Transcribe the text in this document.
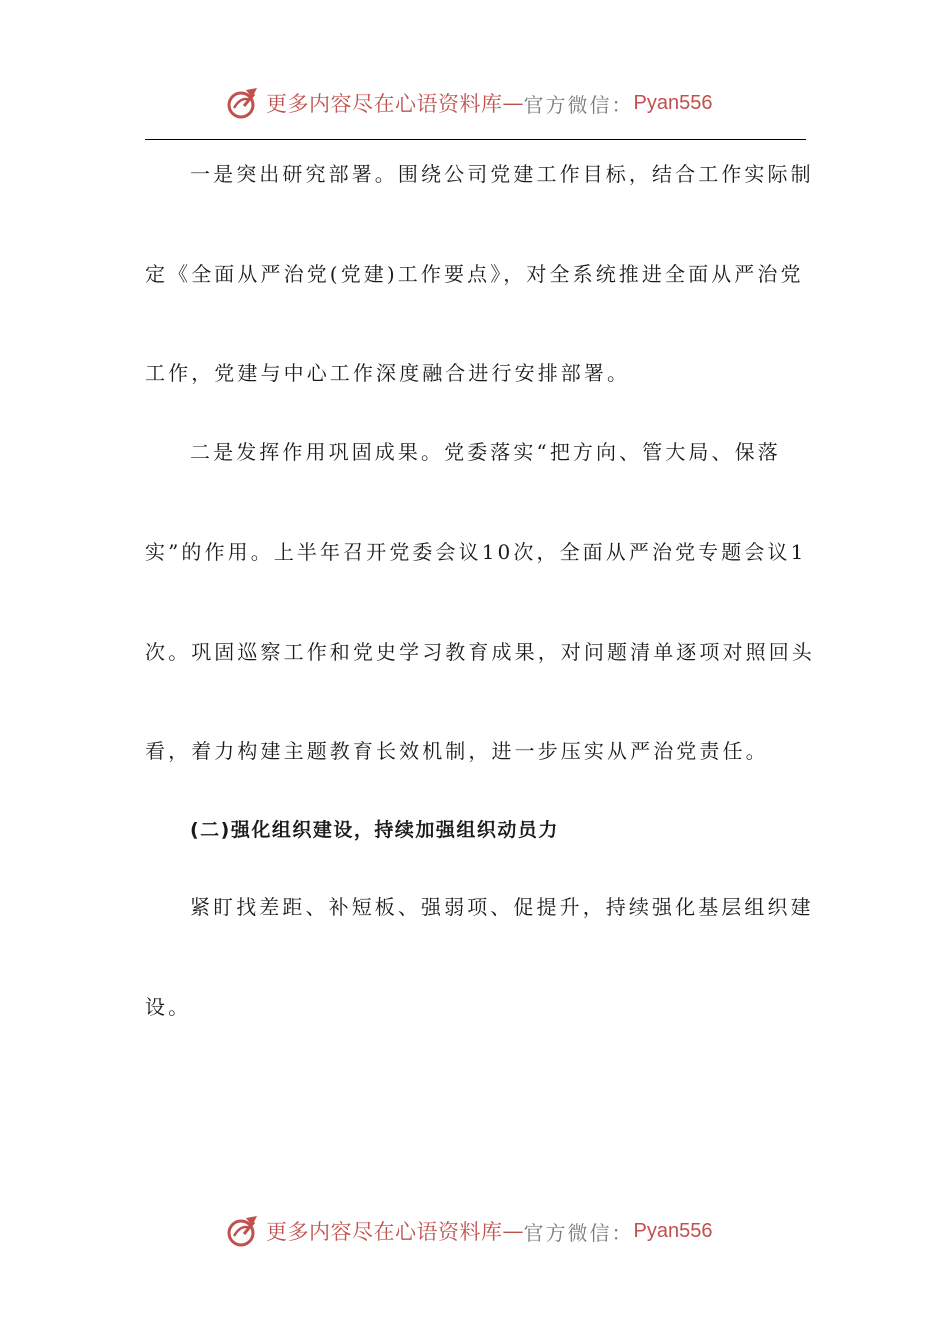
更多内容尽在心语资料库 — 官方微信： Pyan556
一是突出研究部署。围绕公司党建工作目标，结合工作实际制
定《全面从严治党(党建)工作要点》，对全系统推进全面从严治党
工作，党建与中心工作深度融合进行安排部署。
二是发挥作用巩固成果。党委落实“把方向、管大局、保落
实”的作用。上半年召开党委会议10次，全面从严治党专题会议1
次。巩固巡察工作和党史学习教育成果，对问题清单逐项对照回头
看，着力构建主题教育长效机制，进一步压实从严治党责任。
(二)强化组织建设，持续加强组织动员力
紧盯找差距、补短板、强弱项、促提升，持续强化基层组织建
设。
更多内容尽在心语资料库 — 官方微信： Pyan556
